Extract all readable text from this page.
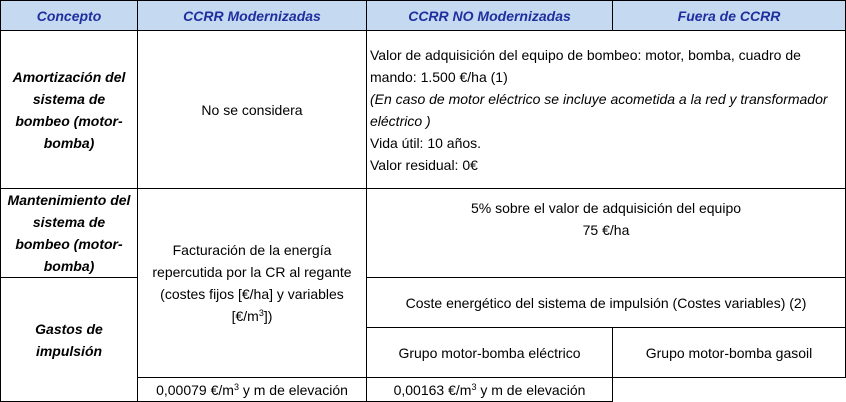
Concepto	CCRR Modernizadas	CCRR NO Modernizadas	Fuera de CCRR
Amortización del sistema de bombeo (motor-bomba)	No se considera	Valor de adquisición del equipo de bombeo: motor, bomba, cuadro de mando: 1.500 €/ha (1)

(En caso de motor eléctrico se incluye acometida a la red y transformador eléctrico )

Vida útil: 10 años.

Valor residual: 0€	

Mantenimiento del sistema de bombeo (motor-bomba)	Facturación de la energía repercutida por la CR al regante (costes fijos [€/ha] y variables $[€/m^3]$)	5% sobre el valor de adquisición del equipo
75 €/ha	

Gastos de impulsión		Coste energético del sistema de impulsión (Costes variables) (2)	
		Grupo motor-bomba eléctrico	Grupo motor-bomba gasoil
	0,00079 $€/m^3$ y m de elevación	0,00163 $€/m^3$ y m de elevación	
